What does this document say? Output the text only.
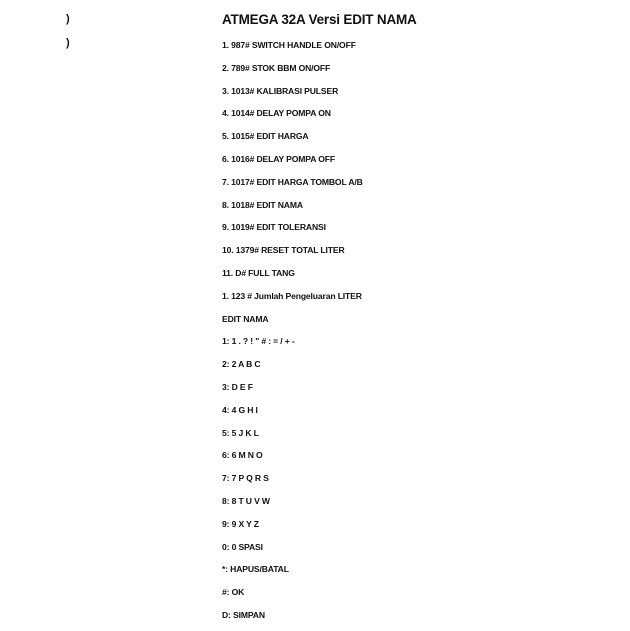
)
)
ATMEGA 32A Versi EDIT NAMA
1. 987# SWITCH HANDLE ON/OFF
2. 789# STOK BBM ON/OFF
3. 1013# KALIBRASI PULSER
4. 1014# DELAY POMPA ON
5. 1015# EDIT HARGA
6. 1016# DELAY POMPA OFF
7. 1017# EDIT HARGA TOMBOL A/B
8. 1018# EDIT NAMA
9. 1019# EDIT TOLERANSI
10. 1379# RESET TOTAL LITER
11. D# FULL TANG
1. 123 # Jumlah Pengeluaran LITER
EDIT NAMA
1: 1 . ? ! " # : = / + -
2: 2 A B C
3: D E F
4: 4 G H I
5: 5 J K L
6: 6 M N O
7: 7 P Q R S
8: 8 T U V W
9: 9 X Y Z
0: 0 SPASI
*: HAPUS/BATAL
#: OK
D: SIMPAN
